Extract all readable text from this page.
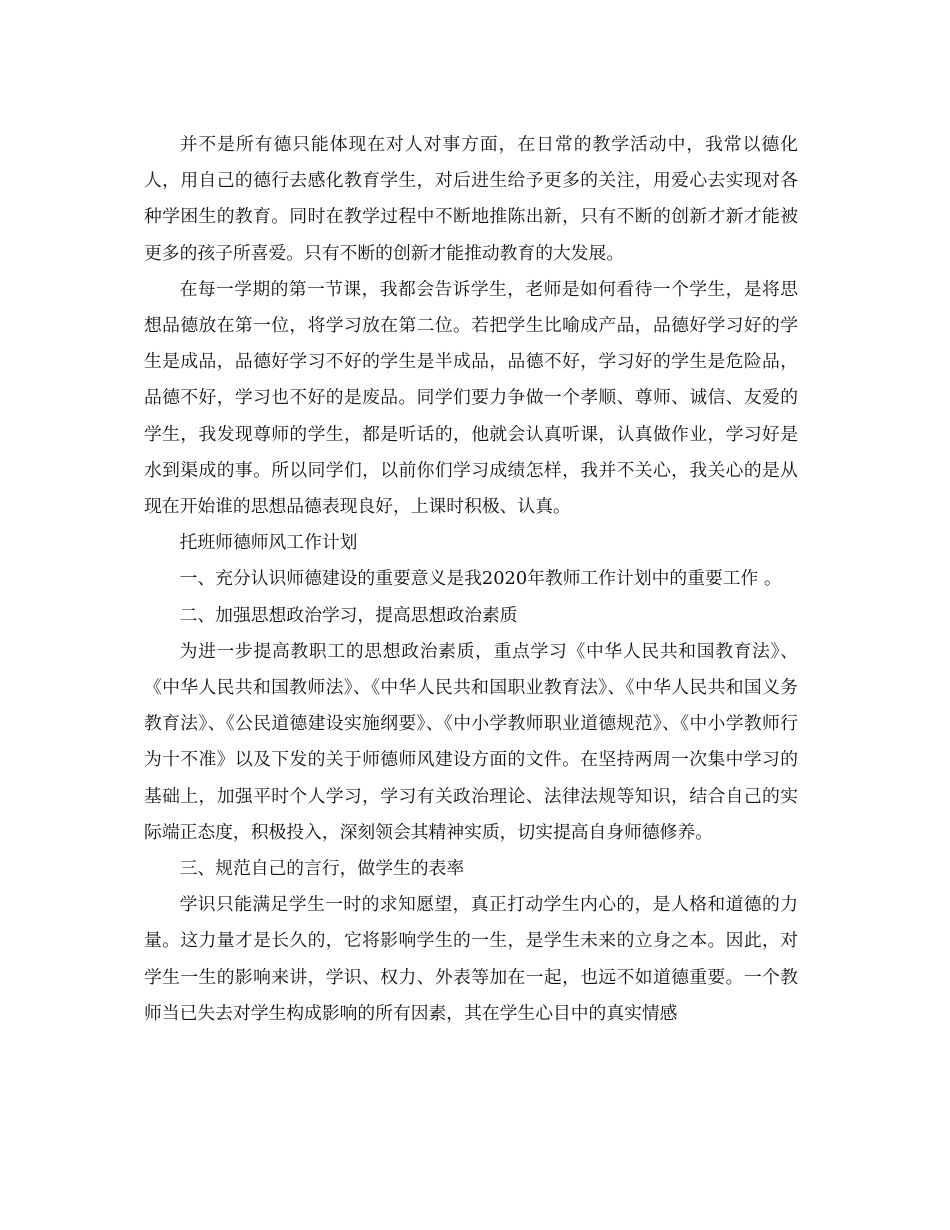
并不是所有德只能体现在对人对事方面，在日常的教学活动中，我常以德化人，用自己的德行去感化教育学生，对后进生给予更多的关注，用爱心去实现对各种学困生的教育。同时在教学过程中不断地推陈出新，只有不断的创新才新才能被更多的孩子所喜爱。只有不断的创新才能推动教育的大发展。

在每一学期的第一节课，我都会告诉学生，老师是如何看待一个学生，是将思想品德放在第一位，将学习放在第二位。若把学生比喻成产品，品德好学习好的学生是成品，品德好学习不好的学生是半成品，品德不好，学习好的学生是危险品，品德不好，学习也不好的是废品。同学们要力争做一个孝顺、尊师、诚信、友爱的学生，我发现尊师的学生，都是听话的，他就会认真听课，认真做作业，学习好是水到渠成的事。所以同学们，以前你们学习成绩怎样，我并不关心，我关心的是从现在开始谁的思想品德表现良好，上课时积极、认真。

托班师德师风工作计划

一、充分认识师德建设的重要意义是我2020年教师工作计划中的重要工作 。

二、加强思想政治学习，提高思想政治素质

为进一步提高教职工的思想政治素质，重点学习《中华人民共和国教育法》、《中华人民共和国教师法》、《中华人民共和国职业教育法》、《中华人民共和国义务教育法》、《公民道德建设实施纲要》、《中小学教师职业道德规范》、《中小学教师行为十不准》以及下发的关于师德师风建设方面的文件。在坚持两周一次集中学习的基础上，加强平时个人学习，学习有关政治理论、法律法规等知识，结合自己的实际端正态度，积极投入，深刻领会其精神实质，切实提高自身师德修养。

三、规范自己的言行，做学生的表率

学识只能满足学生一时的求知愿望，真正打动学生内心的，是人格和道德的力量。这力量才是长久的，它将影响学生的一生，是学生未来的立身之本。因此，对学生一生的影响来讲，学识、权力、外表等加在一起，也远不如道德重要。一个教师当已失去对学生构成影响的所有因素，其在学生心目中的真实情感
